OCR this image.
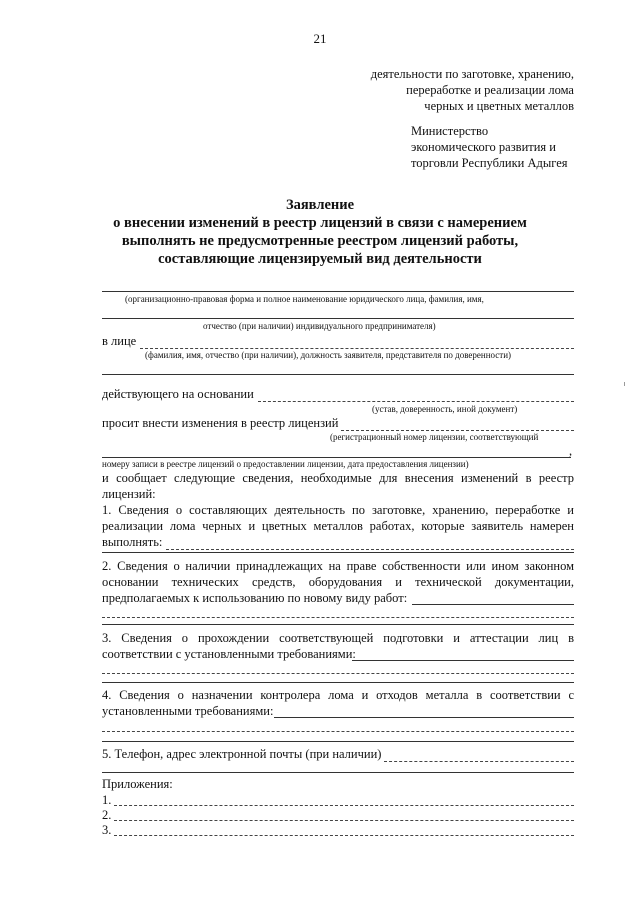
21
деятельности по заготовке, хранению,
переработке и реализации лома
черных и цветных металлов
Министерство
экономического развития и
торговли Республики Адыгея
Заявление
о внесении изменений в реестр лицензий в связи с намерением
выполнять не предусмотренные реестром лицензий работы,
составляющие лицензируемый вид деятельности
(организационно-правовая форма и полное наименование юридического лица, фамилия, имя,
отчество (при наличии) индивидуального предпринимателя)
в лице
(фамилия, имя, отчество (при наличии), должность заявителя, представителя по доверенности)
действующего на основании
(устав, доверенность, иной документ)
просит внести изменения в реестр лицензий
(регистрационный номер лицензии, соответствующий
,
номеру записи в реестре лицензий о предоставлении лицензии, дата предоставления лицензии)
и сообщает следующие сведения, необходимые для внесения изменений в реестр
лицензий:
1. Сведения о составляющих деятельность по заготовке, хранению, переработке и
реализации лома черных и цветных металлов работах, которые заявитель намерен
выполнять:
2. Сведения о наличии принадлежащих на праве собственности или ином законном
основании технических средств, оборудования и технической документации,
предполагаемых к использованию по новому виду работ:
3. Сведения о прохождении соответствующей подготовки и аттестации лиц в
соответствии с установленными требованиями:
4. Сведения о назначении контролера лома и отходов металла в соответствии с
установленными требованиями:
5. Телефон, адрес электронной почты (при наличии)
Приложения:
1.
2.
3.
